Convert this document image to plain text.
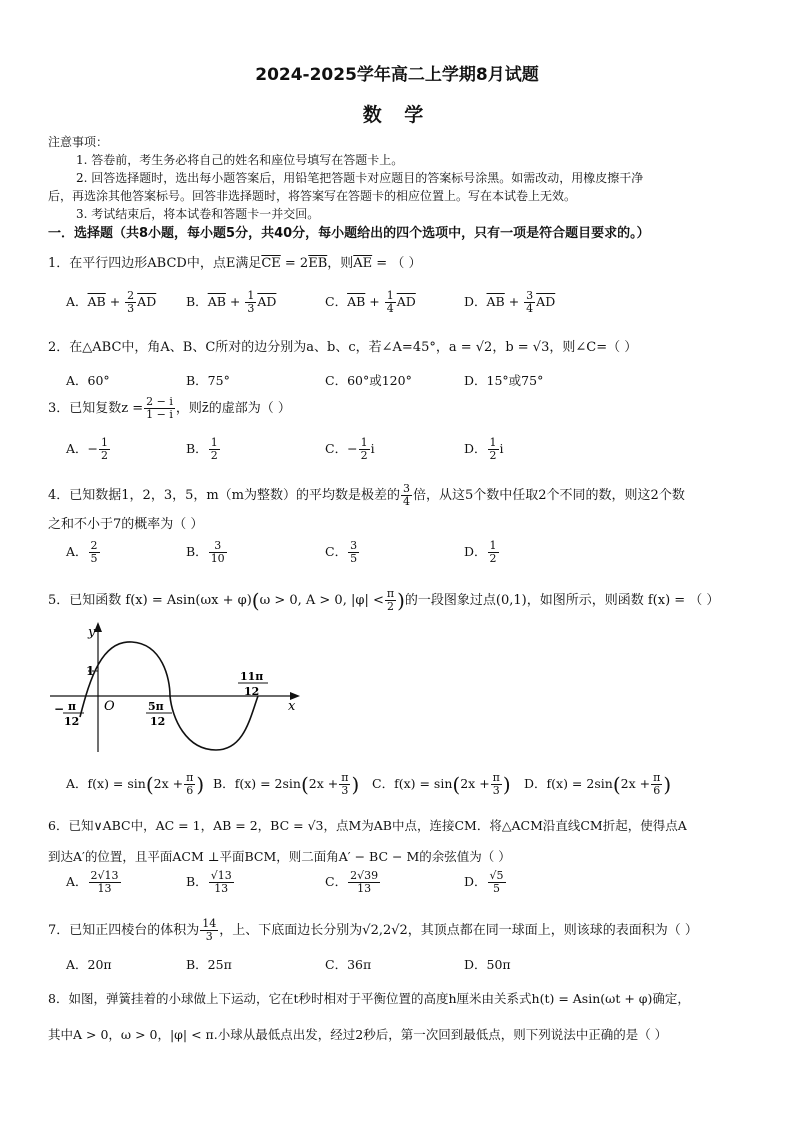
2024-2025学年高二上学期8月试题
数 学
注意事项：
1. 答卷前，考生务必将自己的姓名和座位号填写在答题卡上。
2. 回答选择题时，选出每小题答案后，用铅笔把答题卡对应题目的答案标号涂黑。如需改动，用橡皮擦干净
后，再选涂其他答案标号。回答非选择题时，将答案写在答题卡的相应位置上。写在本试卷上无效。
3. 考试结束后，将本试卷和答题卡一并交回。
一．选择题（共8小题，每小题5分，共40分，每小题给出的四个选项中，只有一项是符合题目要求的。）
1．在平行四边形ABCD中，点E满足$\overline{CE} = 2\overline{EB}$，则$\overline{AE}$ = （ ）
A．$\overline{AB} + \frac{2}{3} \overline{AD}$ B．$\overline{AB} + \frac{1}{3} \overline{AD}$	C．$\overline{AB} + \frac{1}{4} \overline{AD}$	D．$\overline{AB} + \frac{3}{4} \overline{AD}$
2．在△ABC中，角A、B、C所对的边分别为a、b、c，若∠A=45°，a = √2，b = √3，则∠C=（ ）
A．60°	B．75°	C．60°或120°	D．15°或75°
3．已知复数$z = \frac{2 - i}{1 - i}$ ，则z̄的虚部为（ ）
A．− $\frac{1}{2}$	B． $\frac{1}{2}$	C．− $\frac{1}{2}$ i	D． $\frac{1}{2}$ i
4．已知数据1，2，3，5，m（m为整数）的平均数是极差的 $\frac{3}{4}$ 倍，从这5个数中任取2个不同的数，则这2个数
之和不小于7的概率为（ ）
A． $\frac{2}{5}$	B． $\frac{3}{10}$	C． $\frac{3}{5}$	D． $\frac{1}{2}$
5．已知函数 f(x) = Asin(ωx + φ)(ω > 0, A > 0, $|\varphi| < \frac{\pi}{2}$ )的一段图象过点(0,1)，如图所示，则函数 f(x) = （ ）
y
x
O
1
− π
12
5π
12
11π
12
A．$f(x) = \sin(2x + \frac{\pi}{6}$ ) B．$f(x) = 2\sin(2x + \frac{\pi}{3}$ ) C．$f(x) = \sin(2x + \frac{\pi}{3}$ ) D．$f(x) = 2\sin(2x + \frac{\pi}{6}$ )
6．已知∨ABC中，AC = 1，AB = 2，BC = √3，点M为AB中点，连接CM．将△ACM沿直线CM折起，使得点A
到达A′的位置，且平面ACM ⊥平面BCM，则二面角A′ − BC − M的余弦值为（ ）
A． $\frac{2√13}{13}$	B． $\frac{√13}{13}$	C． $\frac{2√39}{13}$	D． $\frac{√5}{5}$
7．已知正四棱台的体积为 $\frac{14}{3}$ ，上、下底面边长分别为√2,2√2，其顶点都在同一球面上，则该球的表面积为（ ）
A．20π	B．25π	C．36π	D．50π
8．如图，弹簧挂着的小球做上下运动，它在t秒时相对于平衡位置的高度h厘米由关系式h(t) = Asin(ωt + φ)确定，
其中A > 0，ω > 0，|φ| < π.小球从最低点出发，经过2秒后，第一次回到最低点，则下列说法中正确的是（ ）
